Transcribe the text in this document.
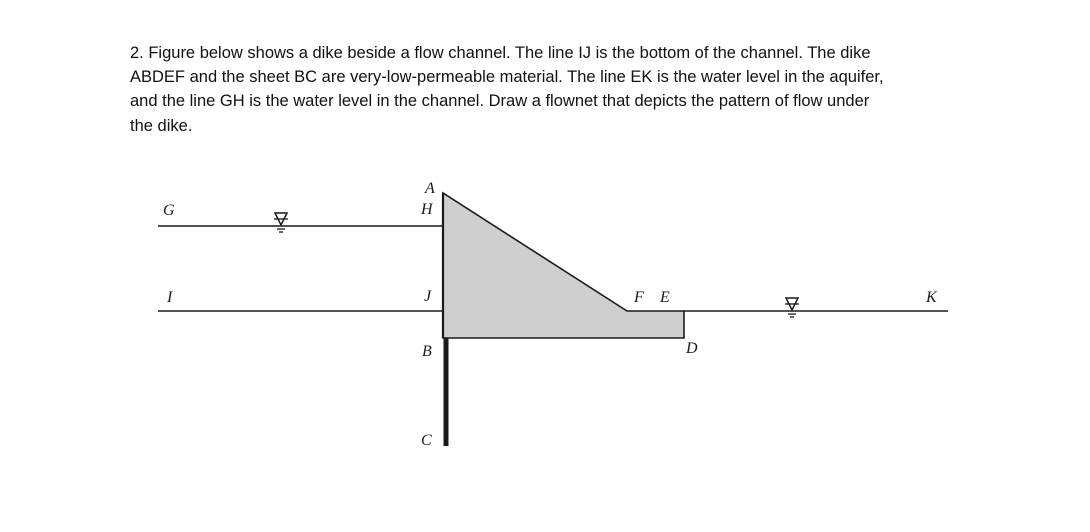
2. Figure below shows a dike beside a flow channel. The line IJ is the bottom of the channel. The dike
ABDEF and the sheet BC are very-low-permeable material. The line EK is the water level in the aquifer,
and the line GH is the water level in the channel. Draw a flownet that depicts the pattern of flow under
the dike.
G
A
H
I	J
B
C
F E
D
K
